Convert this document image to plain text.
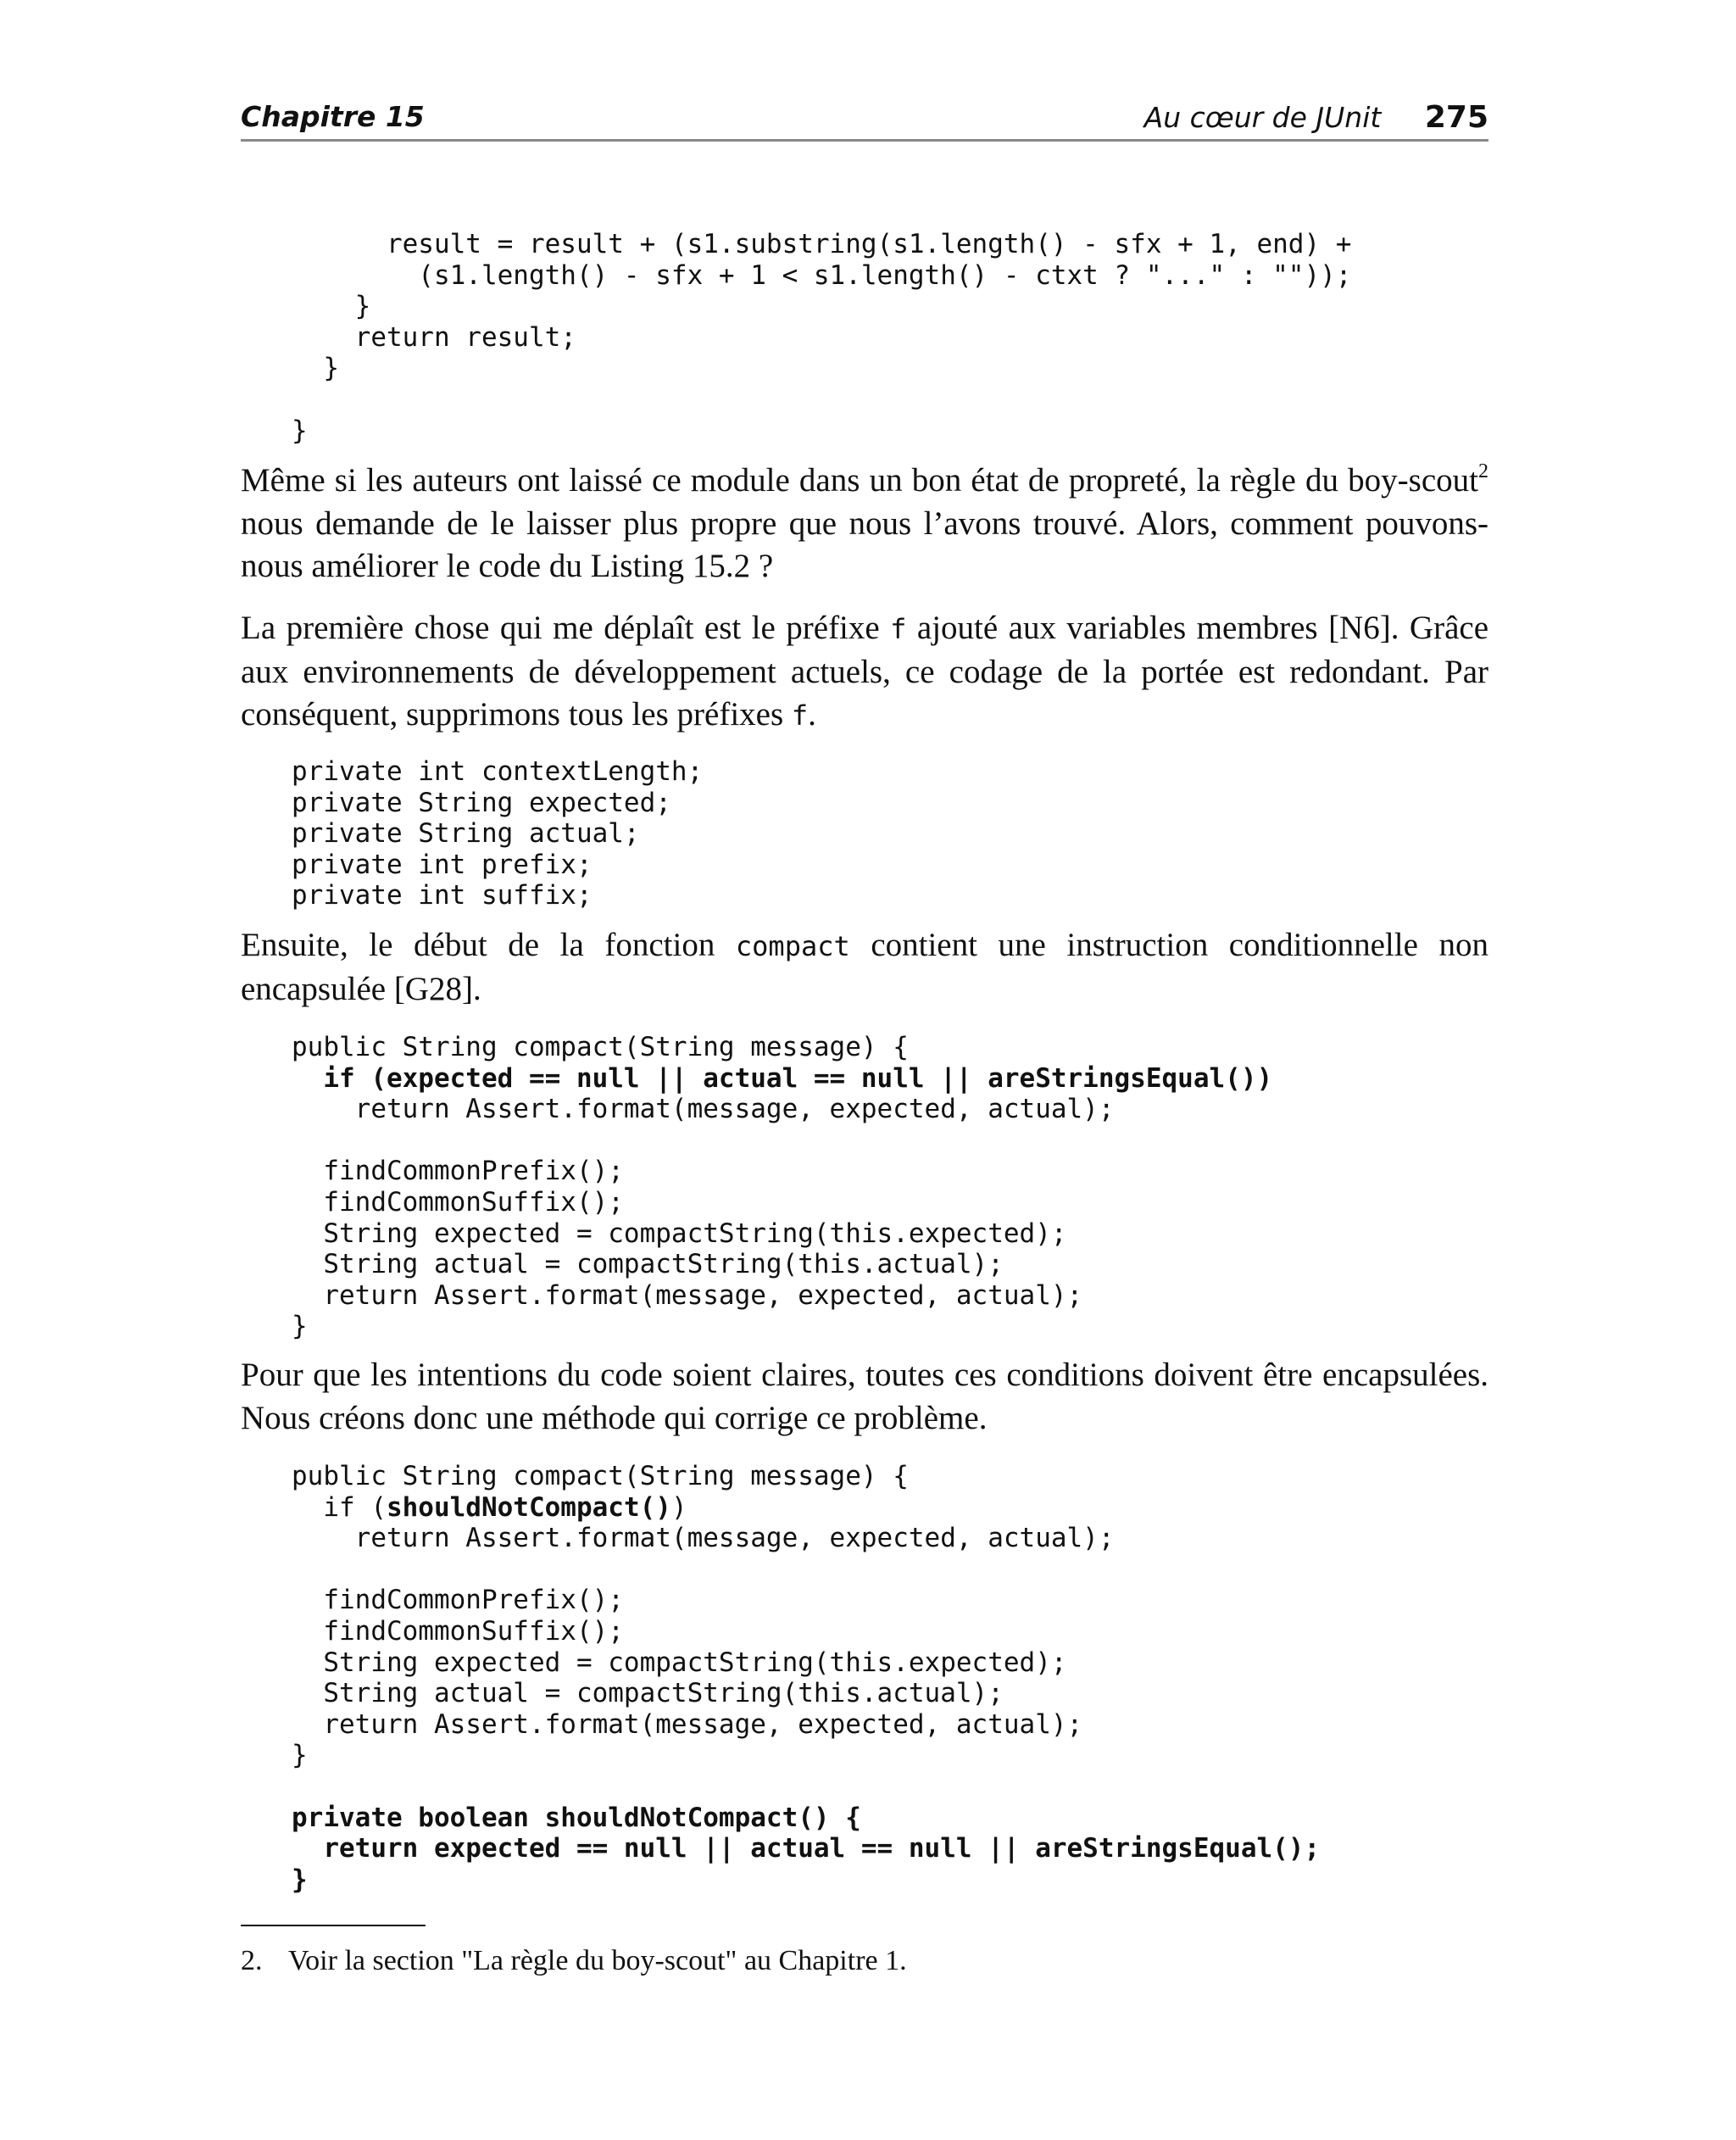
Chapitre 15	Au cœur de JUnit 275
result = result + (s1.substring(s1.length() - sfx + 1, end) +
(s1.length() - sfx + 1 < s1.length() - ctxt ? "..." : ""));
}
return result;
}
}

Même si les auteurs ont laissé ce module dans un bon état de propreté, la règle du boy-scout$^2$ nous demande de le laisser plus propre que nous l’avons trouvé. Alors, comment pouvons-nous améliorer le code du Listing 15.2 ?

La première chose qui me déplaît est le préfixe f ajouté aux variables membres [N6]. Grâce aux environnements de développement actuels, ce codage de la portée est redondant. Par conséquent, supprimons tous les préfixes f.

private int contextLength;
private String expected;
private String actual;
private int prefix;
private int suffix;

Ensuite, le début de la fonction compact contient une instruction conditionnelle non encapsulée [G28].

public String compact(String message) {
if (expected == null || actual == null || areStringsEqual())
return Assert.format(message, expected, actual);
findCommonPrefix();
findCommonSuffix();
String expected = compactString(this.expected);
String actual = compactString(this.actual);
return Assert.format(message, expected, actual);
}

Pour que les intentions du code soient claires, toutes ces conditions doivent être encapsulées. Nous créons donc une méthode qui corrige ce problème.

public String compact(String message) {
if (shouldNotCompact())
return Assert.format(message, expected, actual);
findCommonPrefix();
findCommonSuffix();
String expected = compactString(this.expected);
String actual = compactString(this.actual);
return Assert.format(message, expected, actual);
}
private boolean shouldNotCompact() {
return expected == null || actual == null || areStringsEqual();
}
2. Voir la section "La règle du boy-scout" au Chapitre 1.
